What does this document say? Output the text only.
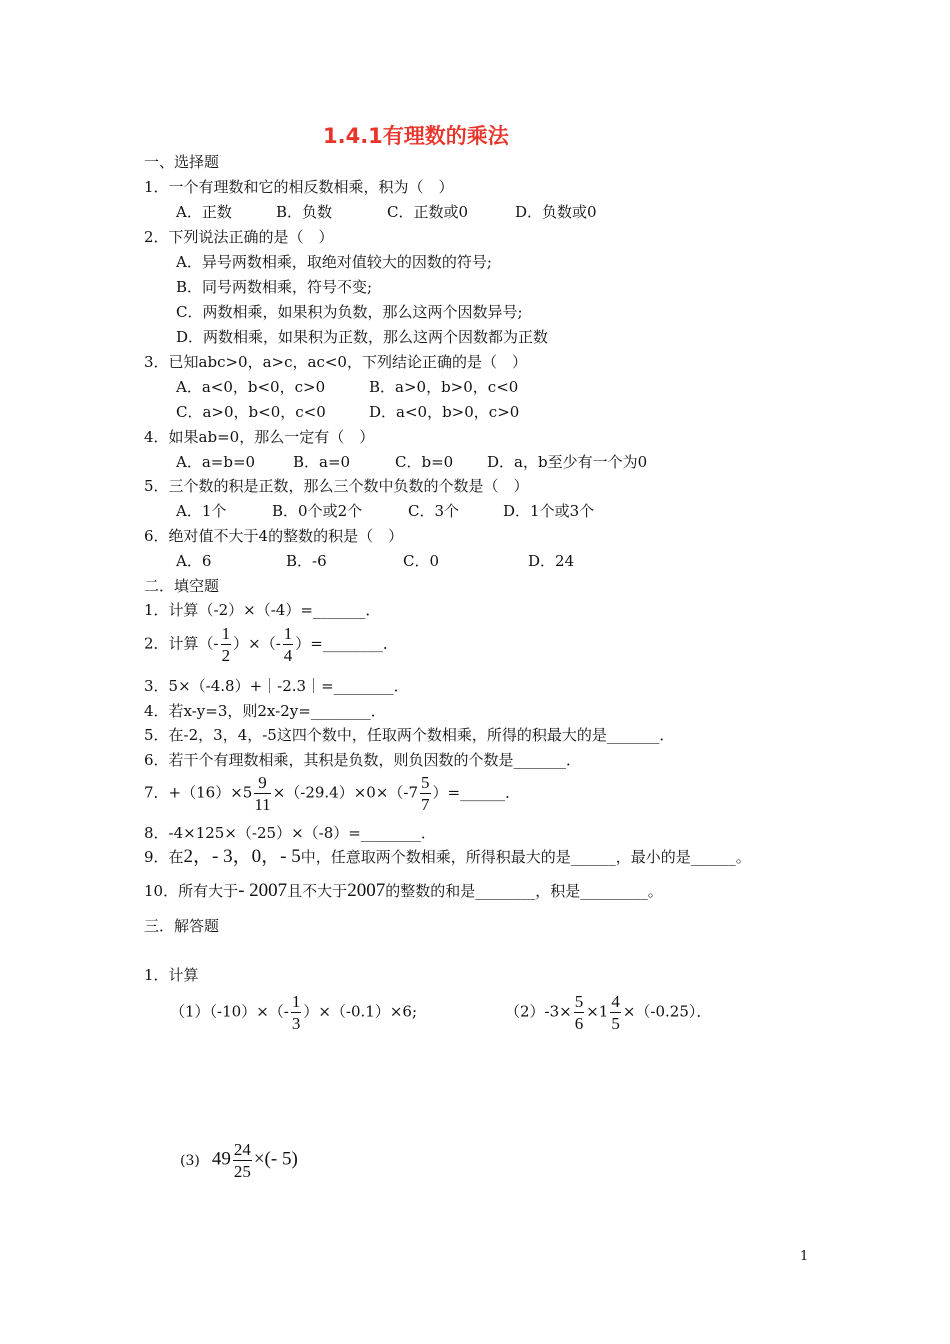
1.4.1有理数的乘法
一、选择题
1．一个有理数和它的相反数相乘，积为（　）
A．正数	B．负数	C．正数或0	D．负数或0
2．下列说法正确的是（　）
A．异号两数相乘，取绝对值较大的因数的符号;
B．同号两数相乘，符号不变;
C．两数相乘，如果积为负数，那么这两个因数异号;
D．两数相乘，如果积为正数，那么这两个因数都为正数
3．已知abc>0，a>c，ac<0，下列结论正确的是（　）
A．a<0，b<0，c>0	B．a>0，b>0，c<0
C．a>0，b<0，c<0	D．a<0，b>0，c>0
4．如果ab=0，那么一定有（　）
A．a=b=0	B．a=0	C．b=0 D．a，b至少有一个为0
5．三个数的积是正数，那么三个数中负数的个数是（　）
A．1个	B．0个或2个	C．3个	D．1个或3个
6．绝对值不大于4的整数的积是（　）
A．6	B．-6	C．0	D．24
二．填空题
1．计算（-2）×（-4）=_______．
2．计算（- $\frac{1}{2}$ ）×（- $\frac{1}{4}$ ）=________．
3．5×（-4.8）+｜-2.3｜=________．
4．若x-y=3，则2x-2y=________．
5．在-2，3，4，-5这四个数中，任取两个数相乘，所得的积最大的是_______．
6．若干个有理数相乘，其积是负数，则负因数的个数是_______．
7．$+(16)\times 5 \frac{9}{11} \times(-29.4)\times 0\times(-7 \frac{5}{7}$ ）=______．
8．-4×125×（-25）×（-8）=________．
9．在2，- 3，0，- 5中，任意取两个数相乘，所得积最大的是______，最小的是______。
10．所有大于- 2007且不大于2007的整数的和是________，积是_________。
三．解答题
1．计算
$(1)(-10)\times(- \frac{1}{3} )\times(-0.1)\times 6$;	$(2)-3\times \frac{5}{6} \times 1 \frac{4}{5} \times(-0.25)$．
(3) $49 \frac{24}{25}$ ×(- 5)
1
